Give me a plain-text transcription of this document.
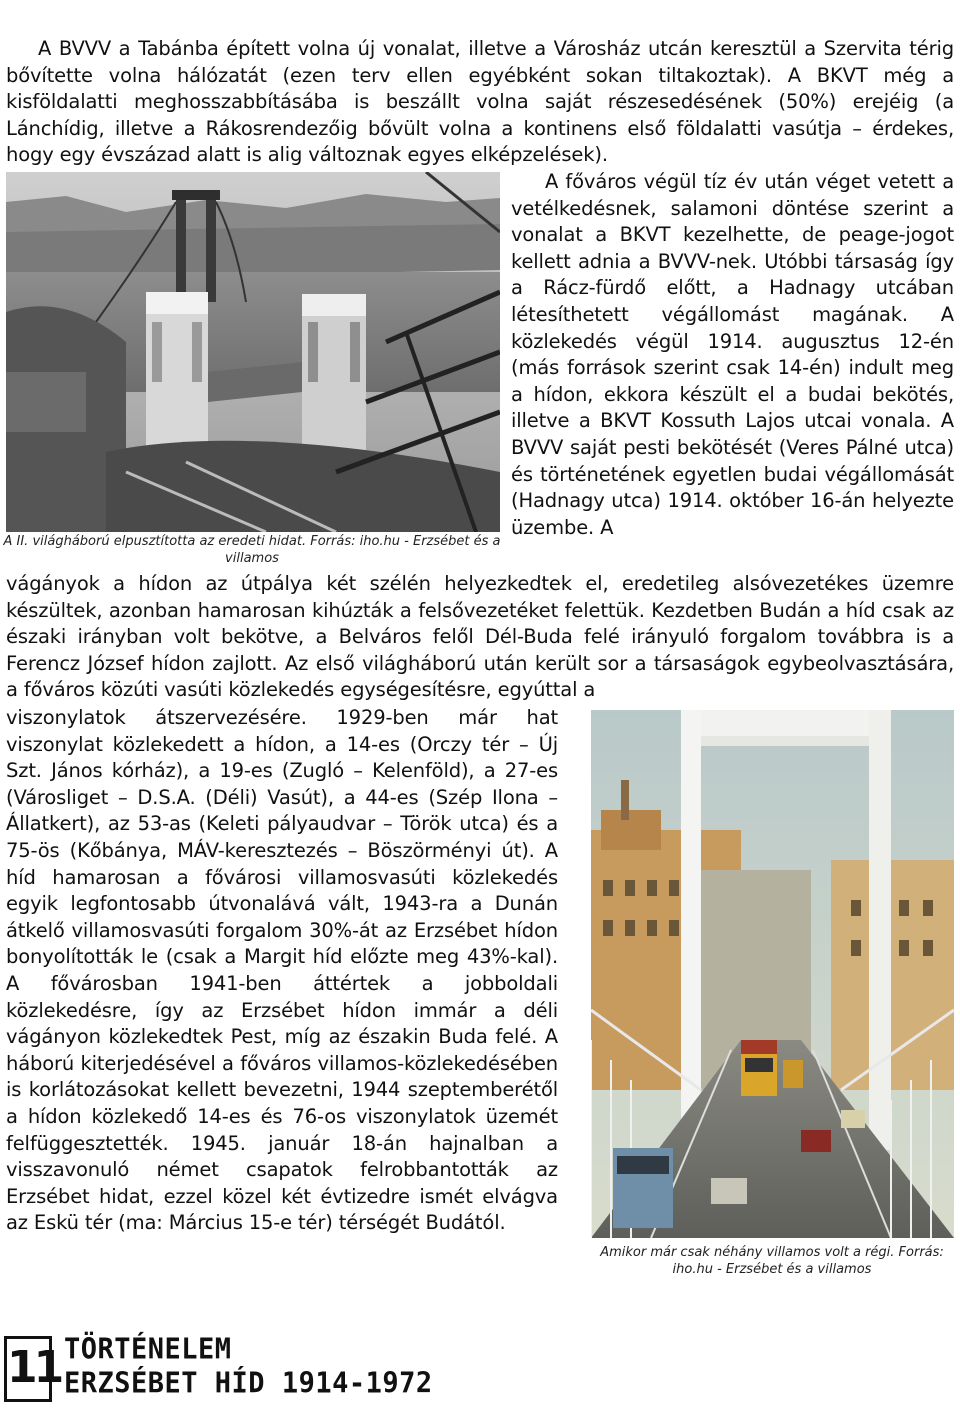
A BVVV a Tabánba épített volna új vonalat, illetve a Városház utcán keresztül a Szervita térig bővítette volna hálózatát (ezen terv ellen egyébként sokan tiltakoztak). A BKVT még a kisföldalatti meghosszabbításába is beszállt volna saját részesedésének (50%) erejéig (a Lánchídig, illetve a Rákosrendezőig bővült volna a kontinens első földalatti vasútja – érdekes, hogy egy évszázad alatt is alig változnak egyes elképzelések).

A II. világháború elpusztította az eredeti hidat. Forrás: iho.hu - Erzsébet és a villamos

A főváros végül tíz év után véget vetett a vetélkedésnek, salamoni döntése szerint a vonalat a BKVT kezelhette, de peage-jogot kellett adnia a BVVV-nek. Utóbbi társaság így a Rácz-fürdő előtt, a Hadnagy utcában létesíthetett végállomást magának. A közlekedés végül 1914. augusztus 12-én (más források szerint csak 14-én) indult meg a hídon, ekkora készült el a budai bekötés, illetve a BKVT Kossuth Lajos utcai vonala. A BVVV saját pesti bekötését (Veres Pálné utca) és történetének egyetlen budai végállomását (Hadnagy utca) 1914. október 16-án helyezte üzembe. A

vágányok a hídon az útpálya két szélén helyezkedtek el, eredetileg alsóvezetékes üzemre készültek, azonban hamarosan kihúzták a felsővezetéket felettük. Kezdetben Budán a híd csak az északi irányban volt bekötve, a Belváros felől Dél-Buda felé irányuló forgalom továbbra is a Ferencz József hídon zajlott. Az első világháború után került sor a társaságok egybeolvasztására, a főváros közúti vasúti közlekedés egységesítésre, egyúttal a

viszonylatok átszervezésére. 1929-ben már hat viszonylat közlekedett a hídon, a 14-es (Orczy tér – Új Szt. János kórház), a 19-es (Zugló – Kelenföld), a 27-es (Városliget – D.S.A. (Déli) Vasút), a 44-es (Szép Ilona – Állatkert), az 53-as (Keleti pályaudvar – Török utca) és a 75-ös (Kőbánya, MÁV-keresztezés – Böszörményi út). A híd hamarosan a fővárosi villamosvasúti közlekedés egyik legfontosabb útvonalává vált, 1943-ra a Dunán átkelő villamosvasúti forgalom 30%-át az Erzsébet hídon bonyolították le (csak a Margit híd előzte meg 43%-kal). A fővárosban 1941-ben áttértek a jobboldali közlekedésre, így az Erzsébet hídon immár a déli vágányon közlekedtek Pest, míg az északin Buda felé. A háború kiterjedésével a főváros villamos-közlekedésében is korlátozásokat kellett bevezetni, 1944 szeptemberétől a hídon közlekedő 14-es és 76-os viszonylatok üzemét felfüggesztették. 1945. január 18-án hajnalban a visszavonuló német csapatok felrobbantották az Erzsébet hidat, ezzel közel két évtizedre ismét elvágva az Eskü tér (ma: Március 15-e tér) térségét Budától.

Amikor már csak néhány villamos volt a régi. Forrás: iho.hu - Erzsébet és a villamos
11 TÖRTÉNELEM
ERZSÉBET HÍD 1914-1972
